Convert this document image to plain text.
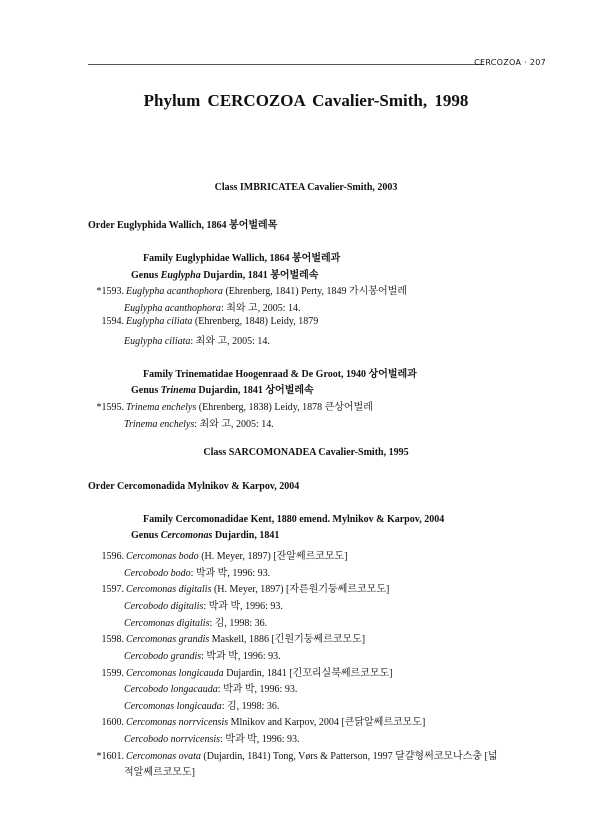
CERCOZOA · 207
Phylum CERCOZOA Cavalier-Smith, 1998
Class IMBRICATEA Cavalier-Smith, 2003
Order Euglyphida Wallich, 1864 봉어벌레목
Family Euglyphidae Wallich, 1864 봉어벌레과
Genus Euglypha Dujardin, 1841 봉어벌레속
*1593. Euglypha acanthophora (Ehrenberg, 1841) Perty, 1849 가시봉어벌레
Euglypha acanthophora: 최와 고, 2005: 14.
1594. Euglypha ciliata (Ehrenberg, 1848) Leidy, 1879
Euglypha ciliata: 최와 고, 2005: 14.
Family Trinematidae Hoogenraad & De Groot, 1940 상어벌레과
Genus Trinema Dujardin, 1841 상어벌레속
*1595. Trinema enchelys (Ehrenberg, 1838) Leidy, 1878 큰상어벌레
Trinema enchelys: 최와 고, 2005: 14.
Class SARCOMONADEA Cavalier-Smith, 1995
Order Cercomonadida Mylnikov & Karpov, 2004
Family Cercomonadidae Kent, 1880 emend. Mylnikov & Karpov, 2004
Genus Cercomonas Dujardin, 1841
1596. Cercomonas bodo (H. Meyer, 1897) [잔알쎄르코모도]
Cercobodo bodo: 박과 박, 1996: 93.
1597. Cercomonas digitalis (H. Meyer, 1897) [자른원기둥쎄르코모도]
Cercobodo digitalis: 박과 박, 1996: 93.
Cercomonas digitalis: 김, 1998: 36.
1598. Cercomonas grandis Maskell, 1886 [긴원기둥쎄르코모도]
Cercobodo grandis: 박과 박, 1996: 93.
1599. Cercomonas longicauda Dujardin, 1841 [긴꼬리실북쎄르코모도]
Cercobodo longacauda: 박과 박, 1996: 93.
Cercomonas longicauda: 김, 1998: 36.
1600. Cercomonas norrvicensis Mlnikov and Karpov, 2004 [큰닭알쎄르코모도]
Cercobodo norrvicensis: 박과 박, 1996: 93.
*1601. Cercomonas ovata (Dujardin, 1841) Tong, Vørs & Patterson, 1997 달걀형써코모나스충 [넓
적알쎄르코모도]
